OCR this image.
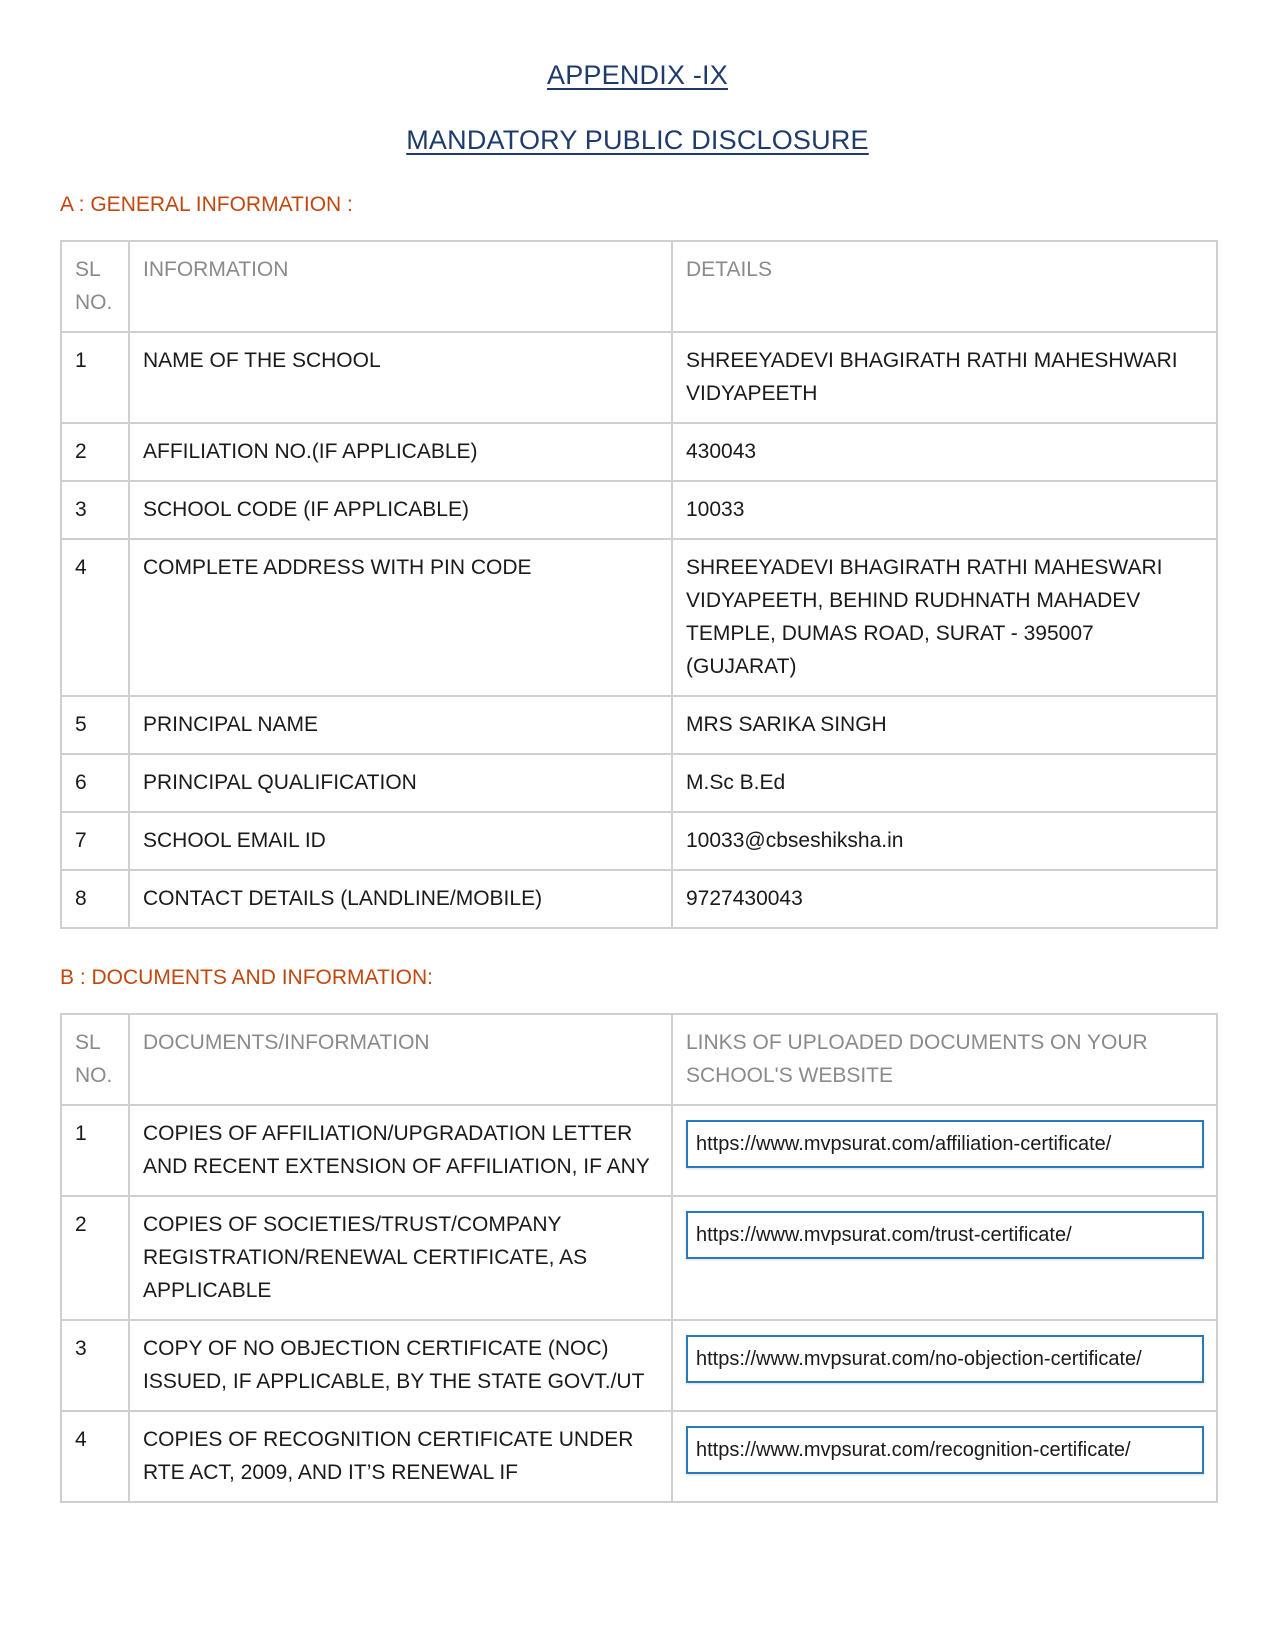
APPENDIX -IX
MANDATORY PUBLIC DISCLOSURE
A : GENERAL INFORMATION :
SL NO.	INFORMATION	DETAILS
1	NAME OF THE SCHOOL	SHREEYADEVI BHAGIRATH RATHI MAHESHWARI VIDYAPEETH
2	AFFILIATION NO.(IF APPLICABLE)	430043
3	SCHOOL CODE (IF APPLICABLE)	10033
4	COMPLETE ADDRESS WITH PIN CODE	SHREEYADEVI BHAGIRATH RATHI MAHESWARI VIDYAPEETH, BEHIND RUDHNATH MAHADEV TEMPLE, DUMAS ROAD, SURAT - 395007 (GUJARAT)
5	PRINCIPAL NAME	MRS SARIKA SINGH
6	PRINCIPAL QUALIFICATION	M.Sc B.Ed
7	SCHOOL EMAIL ID	10033@cbseshiksha.in
8	CONTACT DETAILS (LANDLINE/MOBILE)	9727430043
B : DOCUMENTS AND INFORMATION:
SL NO.	DOCUMENTS/INFORMATION	LINKS OF UPLOADED DOCUMENTS ON YOUR SCHOOL'S WEBSITE
1	COPIES OF AFFILIATION/UPGRADATION LETTER AND RECENT EXTENSION OF AFFILIATION, IF ANY	https://www.mvpsurat.com/affiliation-certificate/

2	COPIES OF SOCIETIES/TRUST/COMPANY REGISTRATION/RENEWAL CERTIFICATE, AS APPLICABLE	https://www.mvpsurat.com/trust-certificate/

3	COPY OF NO OBJECTION CERTIFICATE (NOC) ISSUED, IF APPLICABLE, BY THE STATE GOVT./UT	https://www.mvpsurat.com/no-objection-certificate/

4	COPIES OF RECOGNITION CERTIFICATE UNDER RTE ACT, 2009, AND IT’S RENEWAL IF	https://www.mvpsurat.com/recognition-certificate/
